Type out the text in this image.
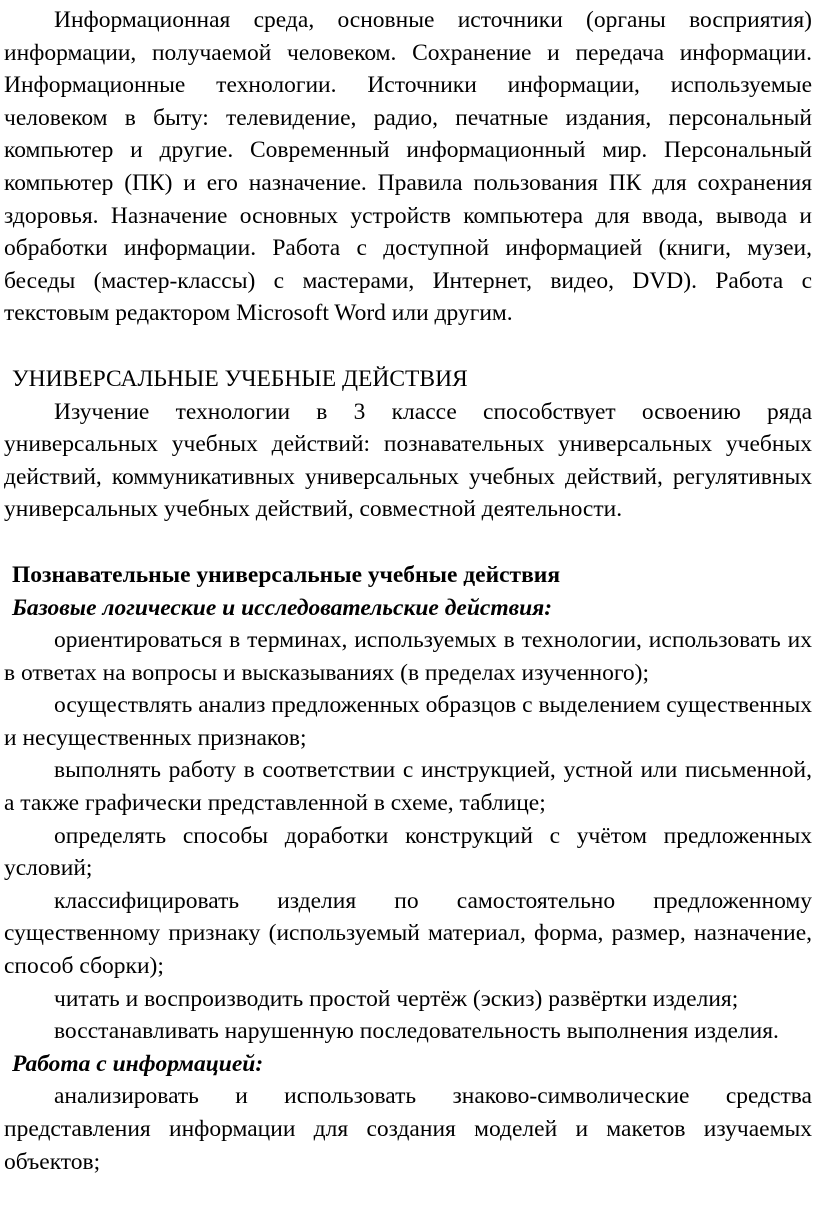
Информационная среда, основные источники (органы восприятия) информации, получаемой человеком. Сохранение и передача информации. Информационные технологии. Источники информации, используемые человеком в быту: телевидение, радио, печатные издания, персональный компьютер и другие. Современный информационный мир. Персональный компьютер (ПК) и его назначение. Правила пользования ПК для сохранения здоровья. Назначение основных устройств компьютера для ввода, вывода и обработки информации. Работа с доступной информацией (книги, музеи, беседы (мастер-классы) с мастерами, Интернет, видео, DVD). Работа с текстовым редактором Microsoft Word или другим.

УНИВЕРСАЛЬНЫЕ УЧЕБНЫЕ ДЕЙСТВИЯ

Изучение технологии в 3 классе способствует освоению ряда универсальных учебных действий: познавательных универсальных учебных действий, коммуникативных универсальных учебных действий, регулятивных универсальных учебных действий, совместной деятельности.

Познавательные универсальные учебные действия
Базовые логические и исследовательские действия:

ориентироваться в терминах, используемых в технологии, использовать их в ответах на вопросы и высказываниях (в пределах изученного);

осуществлять анализ предложенных образцов с выделением существенных и несущественных признаков;

выполнять работу в соответствии с инструкцией, устной или письменной, а также графически представленной в схеме, таблице;

определять способы доработки конструкций с учётом предложенных условий;

классифицировать изделия по самостоятельно предложенному существенному признаку (используемый материал, форма, размер, назначение, способ сборки);

читать и воспроизводить простой чертёж (эскиз) развёртки изделия;

восстанавливать нарушенную последовательность выполнения изделия.

Работа с информацией:

анализировать и использовать знаково-символические средства представления информации для создания моделей и макетов изучаемых объектов;
